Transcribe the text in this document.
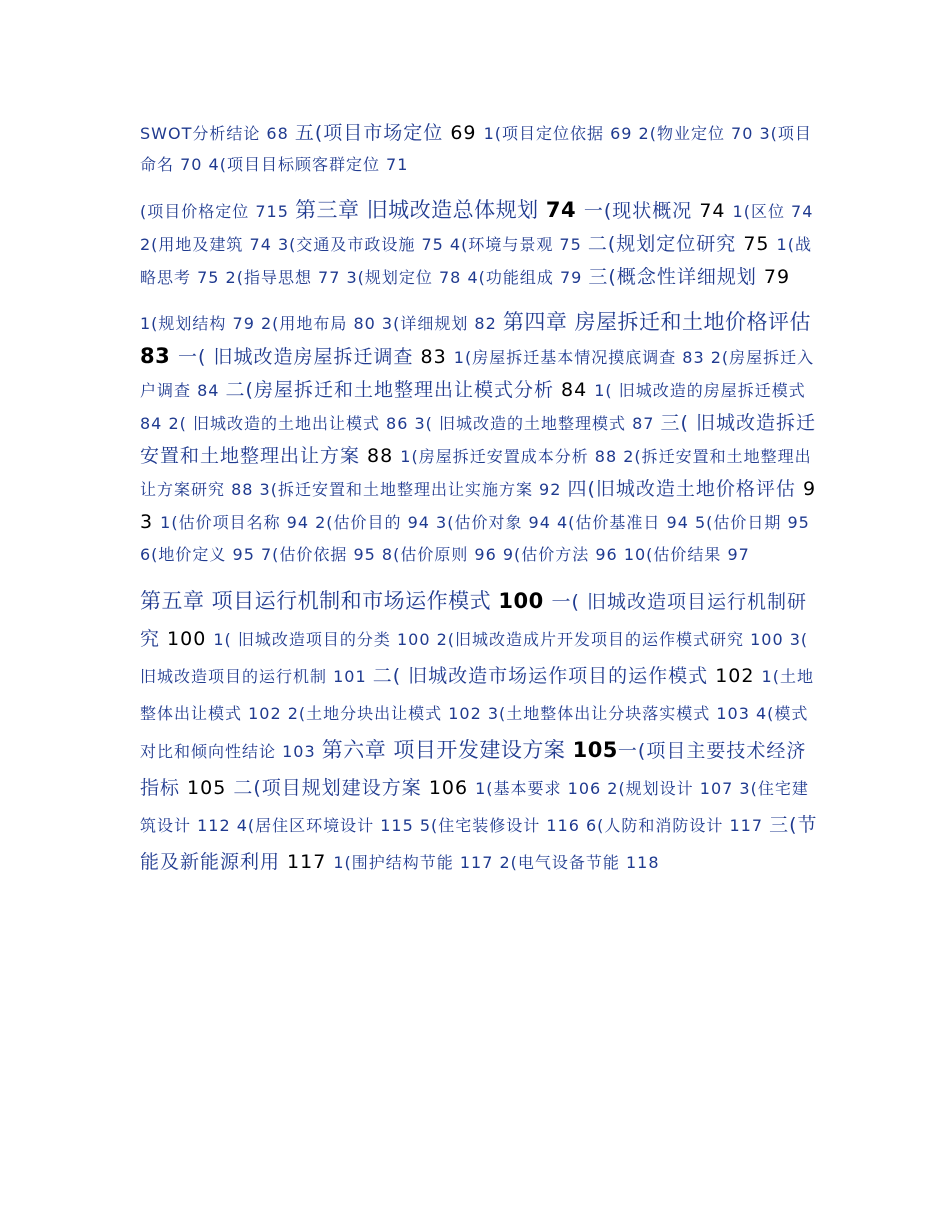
SWOT分析结论 68 五(项目市场定位 69 1(项目定位依据 69 2(物业定位 70 3(项目命名 70 4(项目目标顾客群定位 71

(项目价格定位 715 第三章 旧城改造总体规划 74 一(现状概况 74 1(区位 74 2(用地及建筑 74 3(交通及市政设施 75 4(环境与景观 75 二(规划定位研究 75 1(战略思考 75 2(指导思想 77 3(规划定位 78 4(功能组成 79 三(概念性详细规划 79

1(规划结构 79 2(用地布局 80 3(详细规划 82 第四章 房屋拆迁和土地价格评估 83 一( 旧城改造房屋拆迁调查 83 1(房屋拆迁基本情况摸底调查 83 2(房屋拆迁入户调查 84 二(房屋拆迁和土地整理出让模式分析 84 1( 旧城改造的房屋拆迁模式 84 2( 旧城改造的土地出让模式 86 3( 旧城改造的土地整理模式 87 三( 旧城改造拆迁安置和土地整理出让方案 88 1(房屋拆迁安置成本分析 88 2(拆迁安置和土地整理出让方案研究 88 3(拆迁安置和土地整理出让实施方案 92 四(旧城改造土地价格评估 93 1(估价项目名称 94 2(估价目的 94 3(估价对象 94 4(估价基准日 94 5(估价日期 95 6(地价定义 95 7(估价依据 95 8(估价原则 96 9(估价方法 96 10(估价结果 97

第五章 项目运行机制和市场运作模式 100 一( 旧城改造项目运行机制研究 100 1( 旧城改造项目的分类 100 2(旧城改造成片开发项目的运作模式研究 100 3( 旧城改造项目的运行机制 101 二( 旧城改造市场运作项目的运作模式 102 1(土地整体出让模式 102 2(土地分块出让模式 102 3(土地整体出让分块落实模式 103 4(模式对比和倾向性结论 103 第六章 项目开发建设方案 105一(项目主要技术经济指标 105 二(项目规划建设方案 106 1(基本要求 106 2(规划设计 107 3(住宅建筑设计 112 4(居住区环境设计 115 5(住宅装修设计 116 6(人防和消防设计 117 三(节能及新能源利用 117 1(围护结构节能 117 2(电气设备节能 118
